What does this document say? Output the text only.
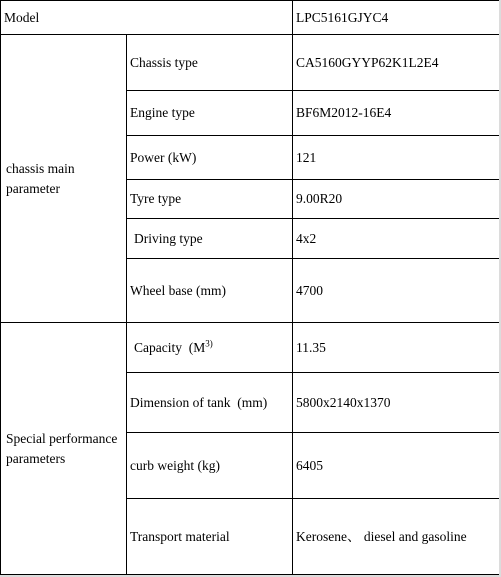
Model		LPC5161GJYC4
chassis main parameter	Chassis type	CA5160GYYP62K1L2E4
	Engine type	BF6M2012-16E4
	Power (kW)	121
	Tyre type	9.00R20
	Driving type	4x2
	Wheel base (mm)	4700
Special performance parameters	Capacity  ($M^{3)}$	11.35
	Dimension of tank  (mm)	5800x2140x1370
	curb weight (kg)	6405
	Transport material	Kerosene、 diesel and gasoline
